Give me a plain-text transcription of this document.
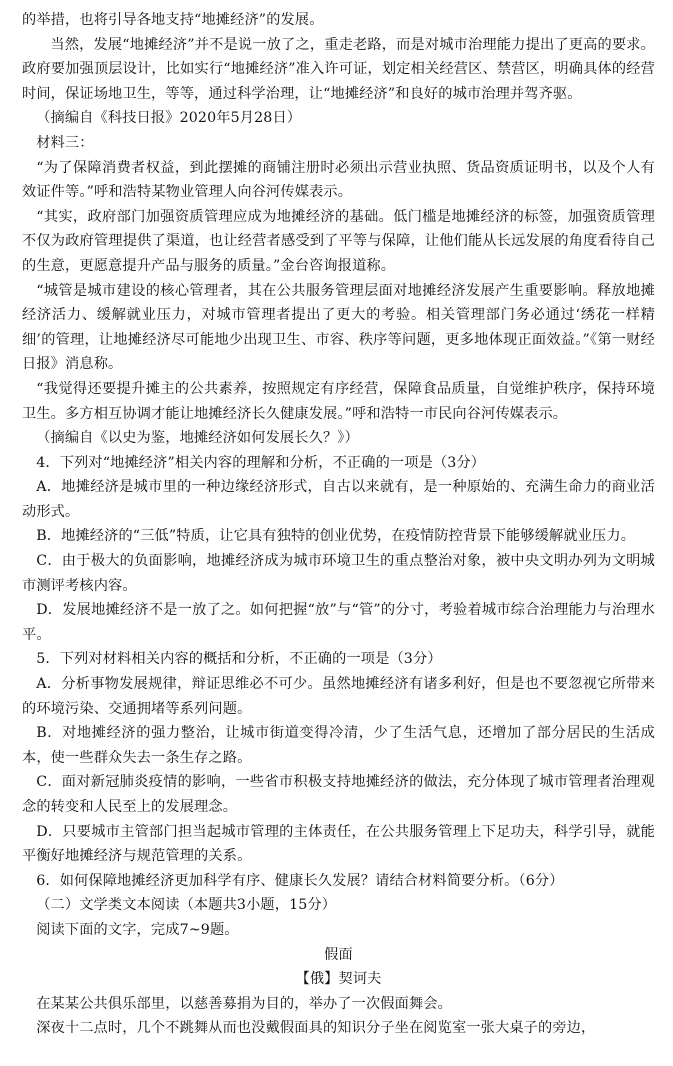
的举措，也将引导各地支持“地摊经济”的发展。

当然，发展“地摊经济”并不是说一放了之，重走老路，而是对城市治理能力提出了更高的要求。政府要加强顶层设计，比如实行“地摊经济”准入许可证，划定相关经营区、禁营区，明确具体的经营时间，保证场地卫生，等等，通过科学治理，让“地摊经济”和良好的城市治理并驾齐驱。

（摘编自《科技日报》2020年5月28日）

材料三：

“为了保障消费者权益，到此摆摊的商铺注册时必须出示营业执照、货品资质证明书，以及个人有效证件等。”呼和浩特某物业管理人向谷河传媒表示。

“其实，政府部门加强资质管理应成为地摊经济的基础。低门槛是地摊经济的标签，加强资质管理不仅为政府管理提供了渠道，也让经营者感受到了平等与保障，让他们能从长远发展的角度看待自己的生意，更愿意提升产品与服务的质量。”金台咨询报道称。

“城管是城市建设的核心管理者，其在公共服务管理层面对地摊经济发展产生重要影响。释放地摊经济活力、缓解就业压力，对城市管理者提出了更大的考验。相关管理部门务必通过‘绣花一样精细’的管理，让地摊经济尽可能地少出现卫生、市容、秩序等问题，更多地体现正面效益。”《第一财经日报》消息称。

“我觉得还要提升摊主的公共素养，按照规定有序经营，保障食品质量，自觉维护秩序，保持环境卫生。多方相互协调才能让地摊经济长久健康发展。”呼和浩特一市民向谷河传媒表示。

（摘编自《以史为鉴，地摊经济如何发展长久？》）

4．下列对“地摊经济”相关内容的理解和分析，不正确的一项是（3分）

A．地摊经济是城市里的一种边缘经济形式，自古以来就有，是一种原始的、充满生命力的商业活动形式。

B．地摊经济的“三低”特质，让它具有独特的创业优势，在疫情防控背景下能够缓解就业压力。

C．由于极大的负面影响，地摊经济成为城市环境卫生的重点整治对象，被中央文明办列为文明城市测评考核内容。

D．发展地摊经济不是一放了之。如何把握“放”与“管”的分寸，考验着城市综合治理能力与治理水平。

5．下列对材料相关内容的概括和分析，不正确的一项是（3分）

A．分析事物发展规律，辩证思维必不可少。虽然地摊经济有诸多利好，但是也不要忽视它所带来的环境污染、交通拥堵等系列问题。

B．对地摊经济的强力整治，让城市街道变得冷清，少了生活气息，还增加了部分居民的生活成本，使一些群众失去一条生存之路。

C．面对新冠肺炎疫情的影响，一些省市积极支持地摊经济的做法，充分体现了城市管理者治理观念的转变和人民至上的发展理念。

D．只要城市主管部门担当起城市管理的主体责任，在公共服务管理上下足功夫，科学引导，就能平衡好地摊经济与规范管理的关系。

6．如何保障地摊经济更加科学有序、健康长久发展？请结合材料简要分析。（6分）

（二）文学类文本阅读（本题共3小题，15分）

阅读下面的文字，完成7~9题。

假面

【俄】契诃夫

在某某公共俱乐部里，以慈善募捐为目的，举办了一次假面舞会。

深夜十二点时，几个不跳舞从而也没戴假面具的知识分子坐在阅览室一张大桌子的旁边，
